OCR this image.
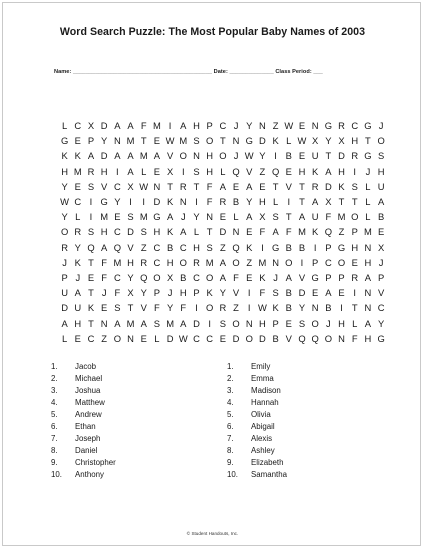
Word Search Puzzle: The Most Popular Baby Names of 2003
Name: ____________________________________________ Date: ______________ Class Period: ___
L C X D A A F M I A H P C J Y N Z W E N G R C G J
G E P Y N M T E W M S O T N G D K L W X Y X H T O
K K A D A A M A V O N H O J W Y I B E U T D R G S
H M R H I A L E X I S H L Q V Z Q E H K A H I	J H
Y E S V C X W N T R T F A E A E T V T R D K S L U
W C I G Y I	I D K N I F R B Y H L I T A X T T L A
Y L I M E S M G A J Y N E L A X S T A U F M O L B
O R S H C D S H K A L T D N E F A F M K Q Z P M E
R Y Q A Q V Z C B C H S Z Q K I G B B I P G H N X
J K T F M H R C H O R M A O Z M N O I P C O E H J
P J E F C Y Q O X B C O A F E K J A V G P P R A P
U A T J F X Y P J H P K Y V I F S B D E A E I N V
D U K E S T V F Y F I O R Z I W K B Y N B I T N C
A H T N A M A S M A D I S O N H P E S O J H L A Y
L E C Z O N E L D W C C E D O D B V Q Q O N F H G
1.	Jacob
2.	Michael
3.	Joshua
4.	Matthew
5.	Andrew
6.	Ethan
7.	Joseph
8.	Daniel
9.	Christopher
10.	Anthony
1.	Emily
2.	Emma
3.	Madison
4.	Hannah
5.	Olivia
6.	Abigail
7.	Alexis
8.	Ashley
9.	Elizabeth
10.	Samantha
© Student Handouts, Inc.
